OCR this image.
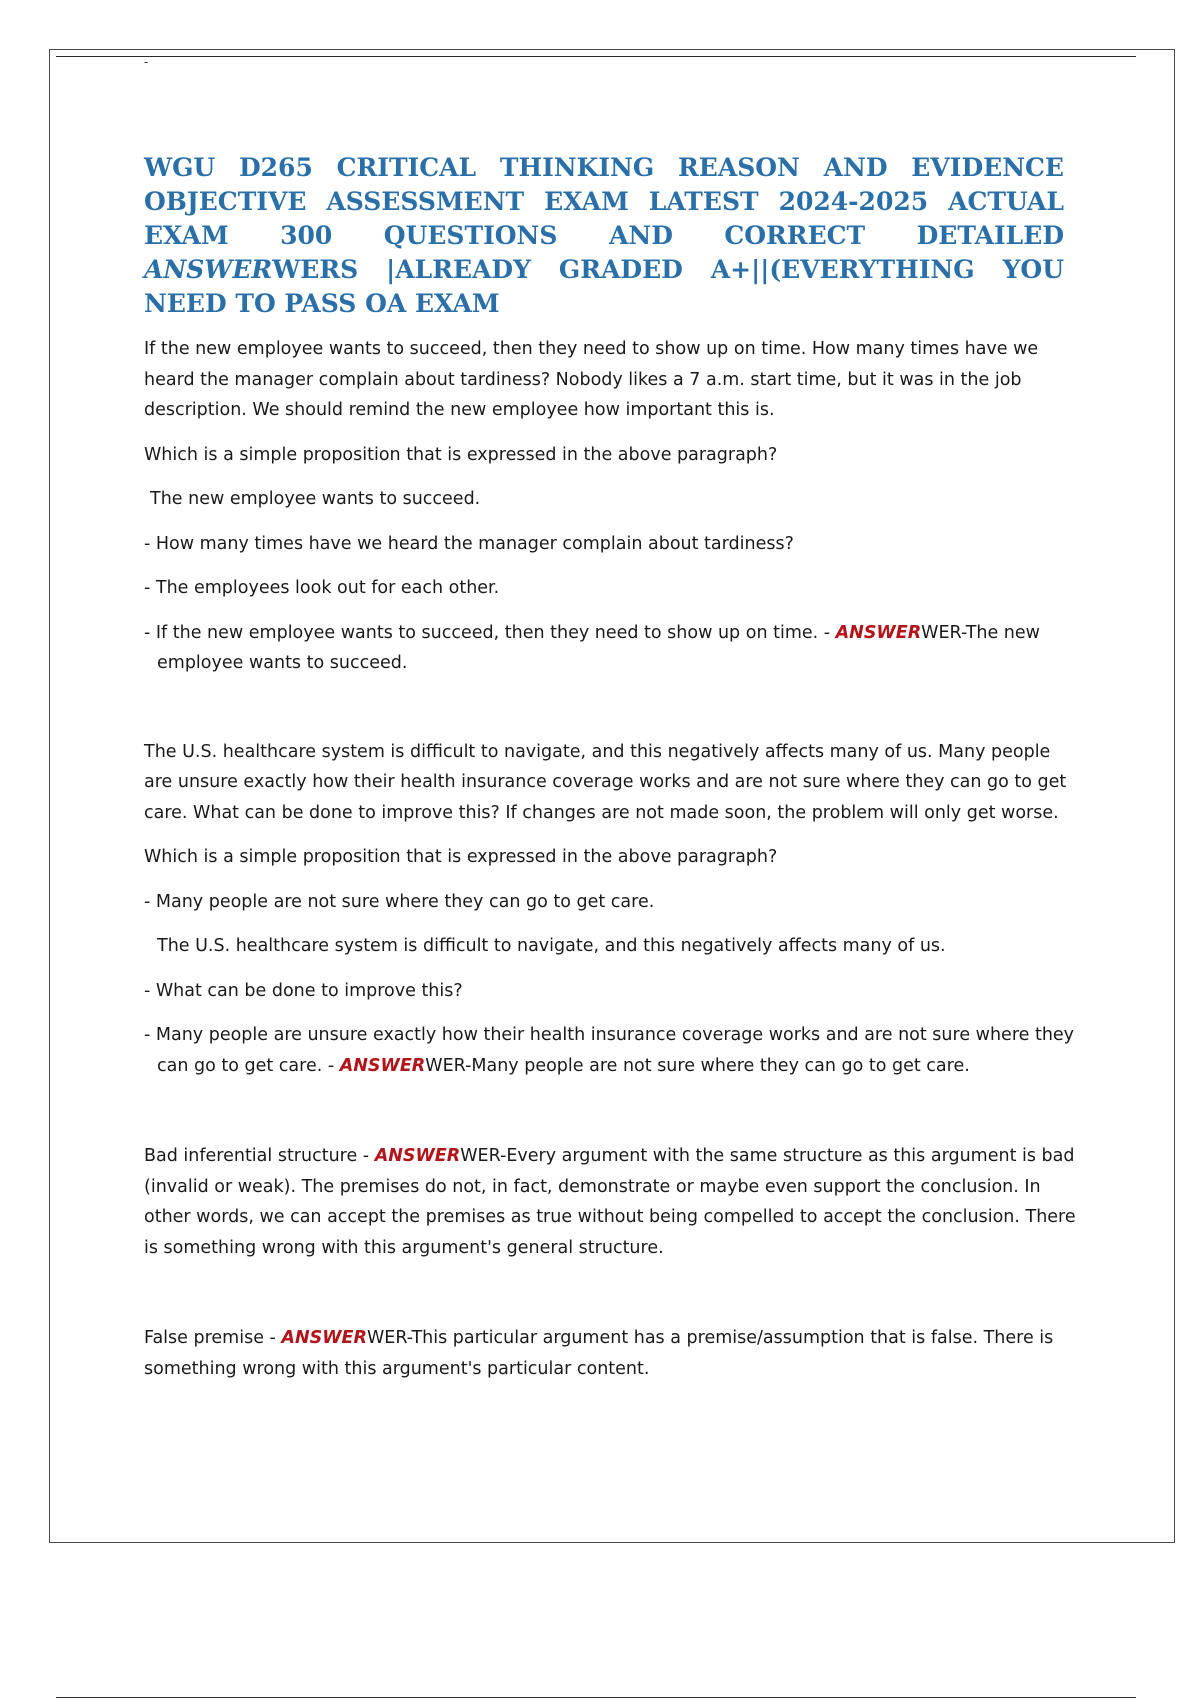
-
WGU D265 CRITICAL THINKING REASON AND EVIDENCE OBJECTIVE ASSESSMENT EXAM LATEST 2024-2025 ACTUAL EXAM 300 QUESTIONS AND CORRECT DETAILED ANSWERWERS |ALREADY GRADED A+||(EVERYTHING YOU NEED TO PASS OA EXAM

If the new employee wants to succeed, then they need to show up on time. How many times have we heard the manager complain about tardiness? Nobody likes a 7 a.m. start time, but it was in the job description. We should remind the new employee how important this is.

Which is a simple proposition that is expressed in the above paragraph?

The new employee wants to succeed.

- How many times have we heard the manager complain about tardiness?

- The employees look out for each other.

- If the new employee wants to succeed, then they need to show up on time. - ANSWERWER-The new employee wants to succeed.

The U.S. healthcare system is difficult to navigate, and this negatively affects many of us. Many people are unsure exactly how their health insurance coverage works and are not sure where they can go to get care. What can be done to improve this? If changes are not made soon, the problem will only get worse.

Which is a simple proposition that is expressed in the above paragraph?

- Many people are not sure where they can go to get care.

The U.S. healthcare system is difficult to navigate, and this negatively affects many of us.

- What can be done to improve this?

- Many people are unsure exactly how their health insurance coverage works and are not sure where they can go to get care. - ANSWERWER-Many people are not sure where they can go to get care.

Bad inferential structure - ANSWERWER-Every argument with the same structure as this argument is bad (invalid or weak). The premises do not, in fact, demonstrate or maybe even support the conclusion. In other words, we can accept the premises as true without being compelled to accept the conclusion. There is something wrong with this argument's general structure.

False premise - ANSWERWER-This particular argument has a premise/assumption that is false. There is something wrong with this argument's particular content.
